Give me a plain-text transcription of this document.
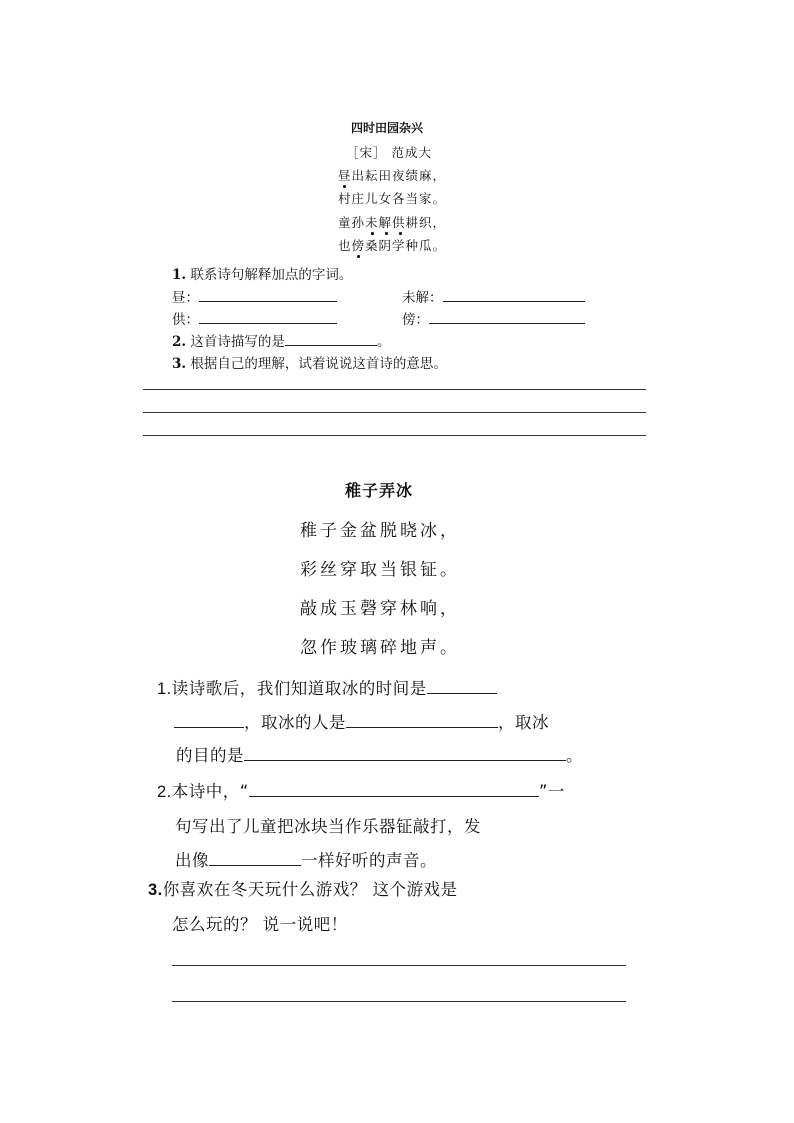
四时田园杂兴
［宋］ 范成大
昼出耘田夜绩麻，
村庄儿女各当家。
童孙未解供耕织，
也傍桑阴学种瓜。
1. 联系诗句解释加点的字词。
昼：	未解：
供：	傍：
2. 这首诗描写的是	。
3. 根据自己的理解，试着说说这首诗的意思。
稚子弄冰
稚子金盆脱晓冰，
彩丝穿取当银钲。
敲成玉磬穿林响，
忽作玻璃碎地声。
1.读诗歌后，我们知道取冰的时间是
，取冰的人是	，取冰
的目的是	。
2.本诗中，“	”一
句写出了儿童把冰块当作乐器钲敲打，发
出像	一样好听的声音。
3.你喜欢在冬天玩什么游戏？ 这个游戏是
怎么玩的？ 说一说吧！
